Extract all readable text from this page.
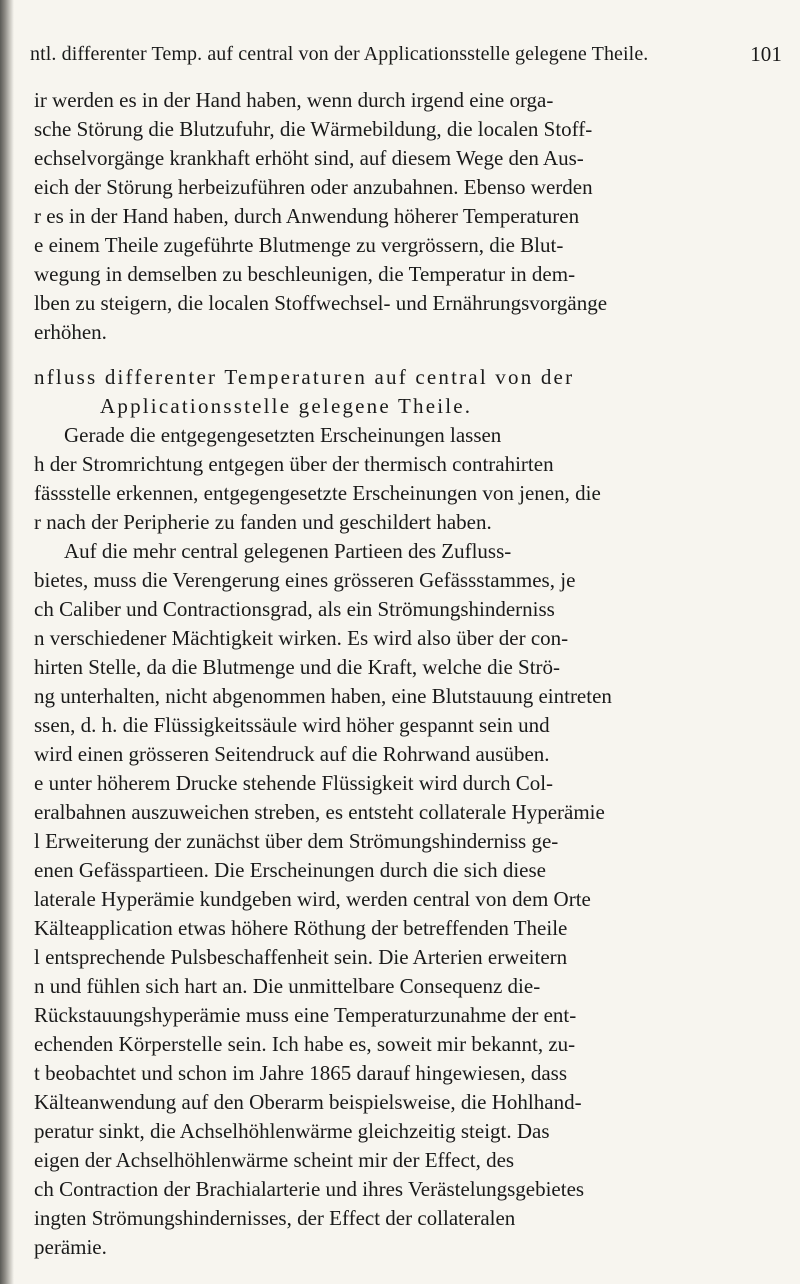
ntl. differenter Temp. auf central von der Applicationsstelle gelegene Theile.	101

ir werden es in der Hand haben, wenn durch irgend eine orga-
sche Störung die Blutzufuhr, die Wärmebildung, die localen Stoff-
echselvorgänge krankhaft erhöht sind, auf diesem Wege den Aus-
eich der Störung herbeizuführen oder anzubahnen. Ebenso werden
r es in der Hand haben, durch Anwendung höherer Temperaturen
e einem Theile zugeführte Blutmenge zu vergrössern, die Blut-
wegung in demselben zu beschleunigen, die Temperatur in dem-
lben zu steigern, die localen Stoffwechsel- und Ernährungsvorgänge
erhöhen.

nfluss differenter Temperaturen auf central von der
Applicationsstelle gelegene Theile.

Gerade die entgegengesetzten Erscheinungen lassen
h der Stromrichtung entgegen über der thermisch contrahirten
fässstelle erkennen, entgegengesetzte Erscheinungen von jenen, die
r nach der Peripherie zu fanden und geschildert haben.
Auf die mehr central gelegenen Partieen des Zufluss-
bietes, muss die Verengerung eines grösseren Gefässstammes, je
ch Caliber und Contractionsgrad, als ein Strömungshinderniss
n verschiedener Mächtigkeit wirken. Es wird also über der con-
hirten Stelle, da die Blutmenge und die Kraft, welche die Strö-
ng unterhalten, nicht abgenommen haben, eine Blutstauung eintreten
ssen, d. h. die Flüssigkeitssäule wird höher gespannt sein und
wird einen grösseren Seitendruck auf die Rohrwand ausüben.
e unter höherem Drucke stehende Flüssigkeit wird durch Col-
eralbahnen auszuweichen streben, es entsteht collaterale Hyperämie
l Erweiterung der zunächst über dem Strömungshinderniss ge-
enen Gefässpartieen. Die Erscheinungen durch die sich diese
laterale Hyperämie kundgeben wird, werden central von dem Orte
Kälteapplication etwas höhere Röthung der betreffenden Theile
l entsprechende Pulsbeschaffenheit sein. Die Arterien erweitern
n und fühlen sich hart an. Die unmittelbare Consequenz die-
Rückstauungshyperämie muss eine Temperaturzunahme der ent-
echenden Körperstelle sein. Ich habe es, soweit mir bekannt, zu-
t beobachtet und schon im Jahre 1865 darauf hingewiesen, dass
Kälteanwendung auf den Oberarm beispielsweise, die Hohlhand-
peratur sinkt, die Achselhöhlenwärme gleichzeitig steigt. Das
eigen der Achselhöhlenwärme scheint mir der Effect, des
ch Contraction der Brachialarterie und ihres Verästelungsgebietes
ingten Strömungshindernisses, der Effect der collateralen
perämie.
